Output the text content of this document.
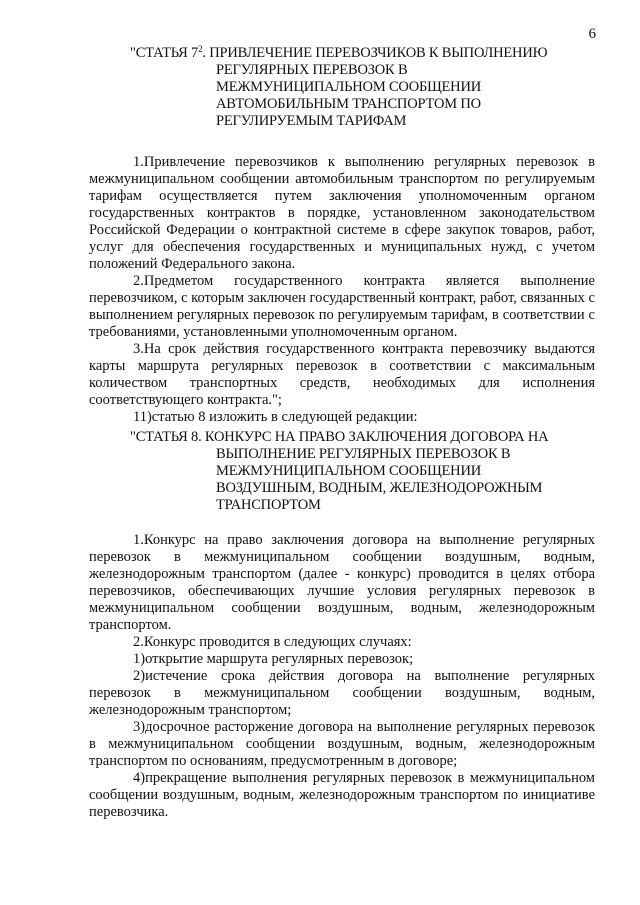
6
"СТАТЬЯ $7^2$. ПРИВЛЕЧЕНИЕ ПЕРЕВОЗЧИКОВ К ВЫПОЛНЕНИЮ
РЕГУЛЯРНЫХ ПЕРЕВОЗОК В
МЕЖМУНИЦИПАЛЬНОМ СООБЩЕНИИ
АВТОМОБИЛЬНЫМ ТРАНСПОРТОМ ПО
РЕГУЛИРУЕМЫМ ТАРИФАМ

1.Привлечение перевозчиков к выполнению регулярных перевозок в межмуниципальном сообщении автомобильным транспортом по регулируемым тарифам осуществляется путем заключения уполномоченным органом государственных контрактов в порядке, установленном законодательством Российской Федерации о контрактной системе в сфере закупок товаров, работ, услуг для обеспечения государственных и муниципальных нужд, с учетом положений Федерального закона.

2.Предметом государственного контракта является выполнение перевозчиком, с которым заключен государственный контракт, работ, связанных с выполнением регулярных перевозок по регулируемым тарифам, в соответствии с требованиями, установленными уполномоченным органом.

3.На срок действия государственного контракта перевозчику выдаются карты маршрута регулярных перевозок в соответствии с максимальным количеством транспортных средств, необходимых для исполнения соответствующего контракта.";

11)статью 8 изложить в следующей редакции:

"СТАТЬЯ 8. КОНКУРС НА ПРАВО ЗАКЛЮЧЕНИЯ ДОГОВОРА НА
ВЫПОЛНЕНИЕ РЕГУЛЯРНЫХ ПЕРЕВОЗОК В
МЕЖМУНИЦИПАЛЬНОМ СООБЩЕНИИ
ВОЗДУШНЫМ, ВОДНЫМ, ЖЕЛЕЗНОДОРОЖНЫМ
ТРАНСПОРТОМ

1.Конкурс на право заключения договора на выполнение регулярных перевозок в межмуниципальном сообщении воздушным, водным, железнодорожным транспортом (далее - конкурс) проводится в целях отбора перевозчиков, обеспечивающих лучшие условия регулярных перевозок в межмуниципальном сообщении воздушным, водным, железнодорожным транспортом.

2.Конкурс проводится в следующих случаях:

1)открытие маршрута регулярных перевозок;

2)истечение срока действия договора на выполнение регулярных перевозок в межмуниципальном сообщении воздушным, водным, железнодорожным транспортом;

3)досрочное расторжение договора на выполнение регулярных перевозок в межмуниципальном сообщении воздушным, водным, железнодорожным транспортом по основаниям, предусмотренным в договоре;

4)прекращение выполнения регулярных перевозок в межмуниципальном сообщении воздушным, водным, железнодорожным транспортом по инициативе перевозчика.
